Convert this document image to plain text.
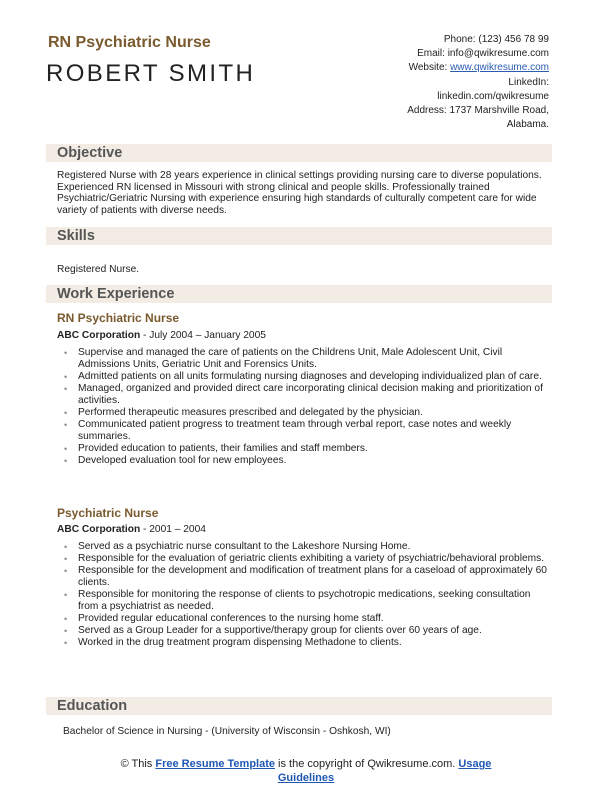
RN Psychiatric Nurse
ROBERT SMITH
Phone: (123) 456 78 99
Email: info@qwikresume.com
Website: www.qwikresume.com
LinkedIn:
linkedin.com/qwikresume
Address: 1737 Marshville Road,
Alabama.
Objective
Registered Nurse with 28 years experience in clinical settings providing nursing care to diverse populations. Experienced RN licensed in Missouri with strong clinical and people skills. Professionally trained Psychiatric/Geriatric Nursing with experience ensuring high standards of culturally competent care for wide variety of patients with diverse needs.
Skills
Registered Nurse.
Work Experience
RN Psychiatric Nurse
ABC Corporation - July 2004 – January 2005
• Supervise and managed the care of patients on the Childrens Unit, Male Adolescent Unit, Civil Admissions Units, Geriatric Unit and Forensics Units.
• Admitted patients on all units formulating nursing diagnoses and developing individualized plan of care.
• Managed, organized and provided direct care incorporating clinical decision making and prioritization of activities.
• Performed therapeutic measures prescribed and delegated by the physician.
• Communicated patient progress to treatment team through verbal report, case notes and weekly summaries.
• Provided education to patients, their families and staff members.
• Developed evaluation tool for new employees.
Psychiatric Nurse
ABC Corporation - 2001 – 2004
• Served as a psychiatric nurse consultant to the Lakeshore Nursing Home.
• Responsible for the evaluation of geriatric clients exhibiting a variety of psychiatric/behavioral problems.
• Responsible for the development and modification of treatment plans for a caseload of approximately 60 clients.
• Responsible for monitoring the response of clients to psychotropic medications, seeking consultation from a psychiatrist as needed.
• Provided regular educational conferences to the nursing home staff.
• Served as a Group Leader for a supportive/therapy group for clients over 60 years of age.
• Worked in the drug treatment program dispensing Methadone to clients.
Education
Bachelor of Science in Nursing - (University of Wisconsin - Oshkosh, WI)
© This Free Resume Template is the copyright of Qwikresume.com. Usage
Guidelines
